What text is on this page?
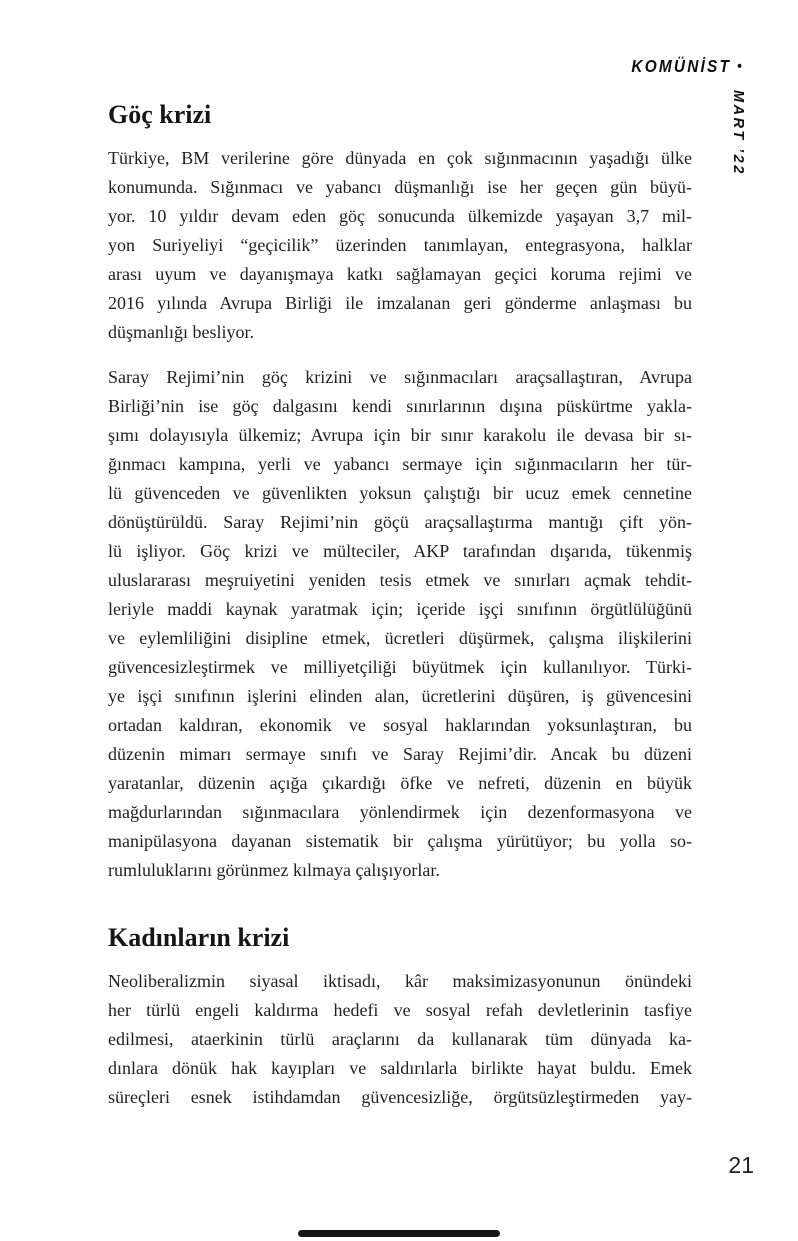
KOMÜNİST •
MART ’22
Göç krizi
Türkiye, BM verilerine göre dünyada en çok sığınmacının yaşadığı ülke
konumunda. Sığınmacı ve yabancı düşmanlığı ise her geçen gün büyü-
yor. 10 yıldır devam eden göç sonucunda ülkemizde yaşayan 3,7 mil-
yon Suriyeliyi “geçicilik” üzerinden tanımlayan, entegrasyona, halklar
arası uyum ve dayanışmaya katkı sağlamayan geçici koruma rejimi ve
2016 yılında Avrupa Birliği ile imzalanan geri gönderme anlaşması bu
düşmanlığı besliyor.
Saray Rejimi’nin göç krizini ve sığınmacıları araçsallaştıran, Avrupa
Birliği’nin ise göç dalgasını kendi sınırlarının dışına püskürtme yakla-
şımı dolayısıyla ülkemiz; Avrupa için bir sınır karakolu ile devasa bir sı-
ğınmacı kampına, yerli ve yabancı sermaye için sığınmacıların her tür-
lü güvenceden ve güvenlikten yoksun çalıştığı bir ucuz emek cennetine
dönüştürüldü. Saray Rejimi’nin göçü araçsallaştırma mantığı çift yön-
lü işliyor. Göç krizi ve mülteciler, AKP tarafından dışarıda, tükenmiş
uluslararası meşruiyetini yeniden tesis etmek ve sınırları açmak tehdit-
leriyle maddi kaynak yaratmak için; içeride işçi sınıfının örgütlülüğünü
ve eylemliliğini disipline etmek, ücretleri düşürmek, çalışma ilişkilerini
güvencesizleştirmek ve milliyetçiliği büyütmek için kullanılıyor. Türki-
ye işçi sınıfının işlerini elinden alan, ücretlerini düşüren, iş güvencesini
ortadan kaldıran, ekonomik ve sosyal haklarından yoksunlaştıran, bu
düzenin mimarı sermaye sınıfı ve Saray Rejimi’dir. Ancak bu düzeni
yaratanlar, düzenin açığa çıkardığı öfke ve nefreti, düzenin en büyük
mağdurlarından sığınmacılara yönlendirmek için dezenformasyona ve
manipülasyona dayanan sistematik bir çalışma yürütüyor; bu yolla so-
rumluluklarını görünmez kılmaya çalışıyorlar.
Kadınların krizi
Neoliberalizmin siyasal iktisadı, kâr maksimizasyonunun önündeki
her türlü engeli kaldırma hedefi ve sosyal refah devletlerinin tasfiye
edilmesi, ataerkinin türlü araçlarını da kullanarak tüm dünyada ka-
dınlara dönük hak kayıpları ve saldırılarla birlikte hayat buldu. Emek
süreçleri esnek istihdamdan güvencesizliğe, örgütsüzleştirmeden yay-
21
